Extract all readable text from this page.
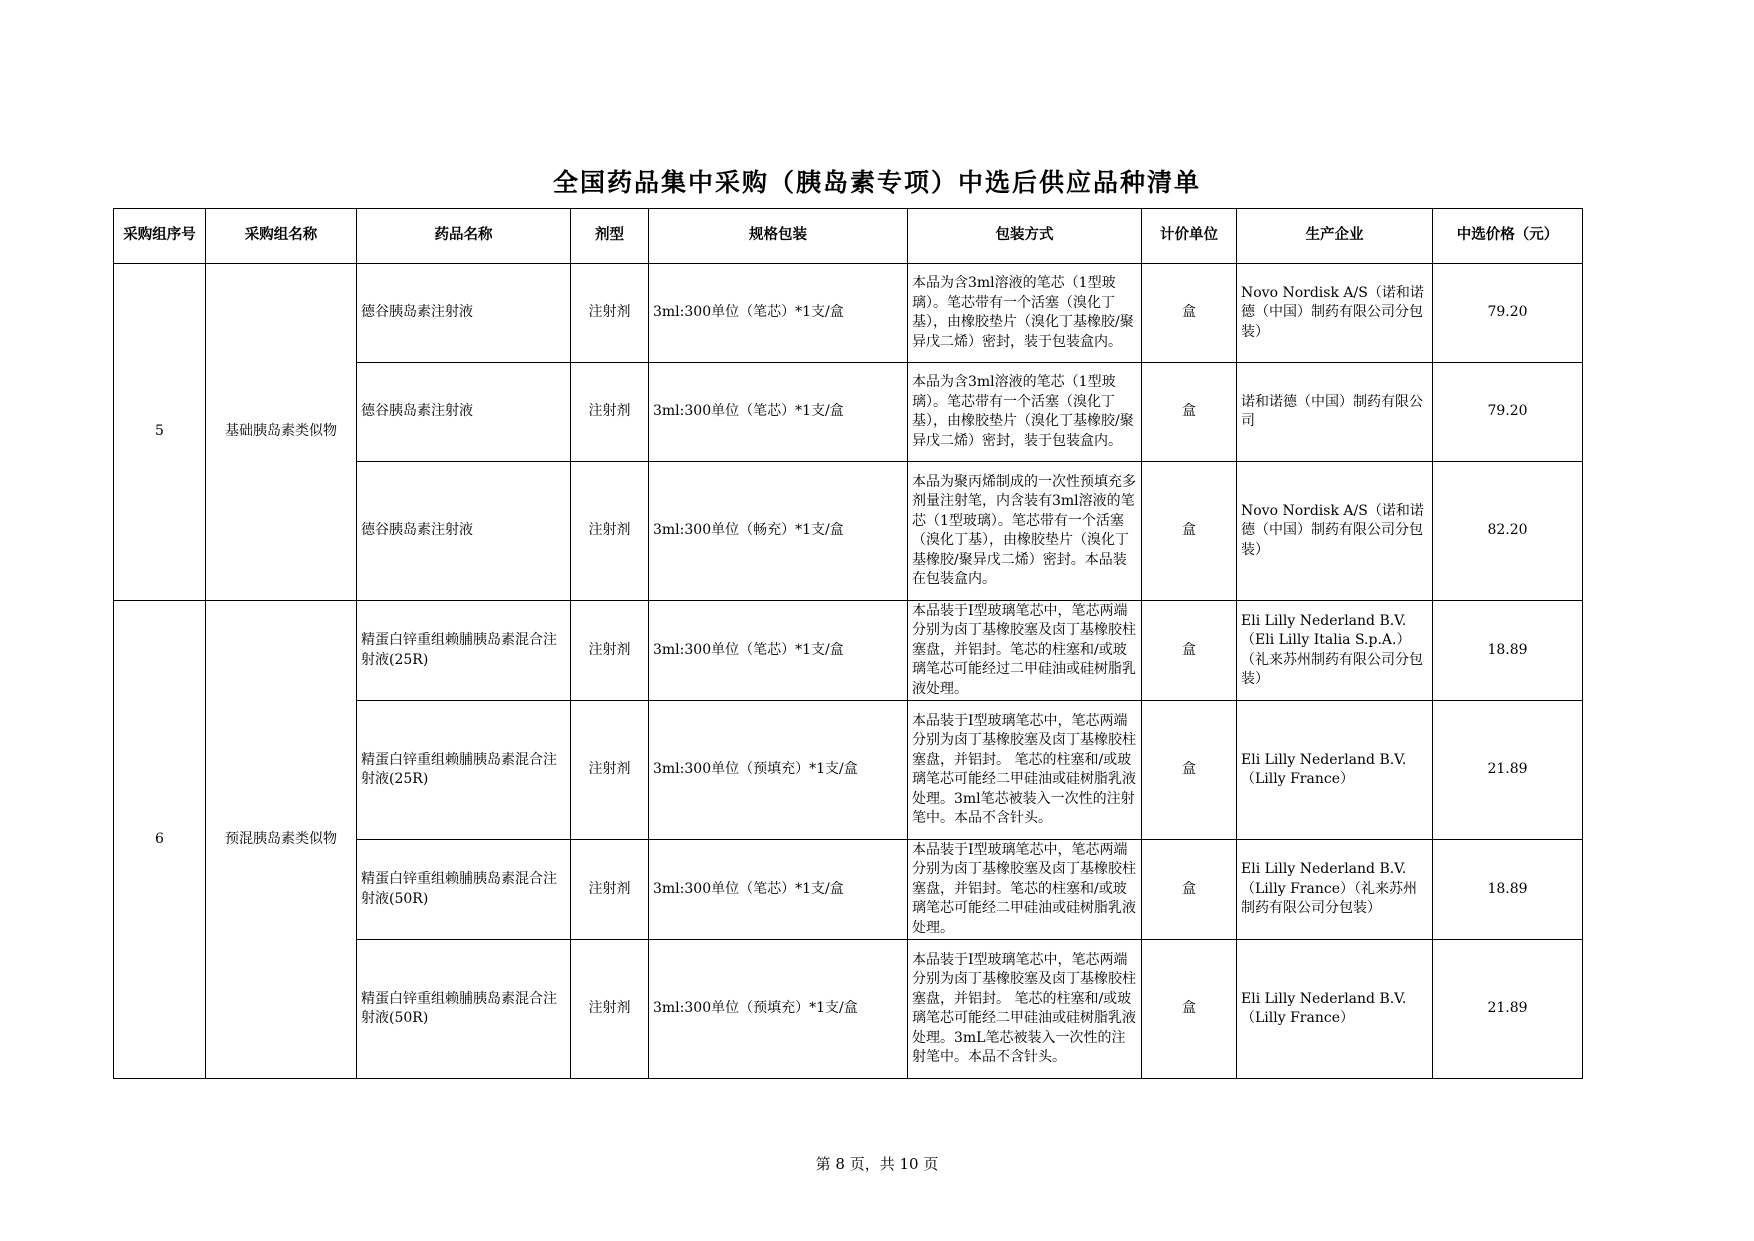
全国药品集中采购（胰岛素专项）中选后供应品种清单
采购组序号	采购组名称	药品名称	剂型	规格包装	包装方式	计价单位	生产企业	中选价格（元）
5	基础胰岛素类似物	德谷胰岛素注射液	注射剂	3ml:300单位（笔芯）*1支/盒	本品为含3ml溶液的笔芯（1型玻璃）。笔芯带有一个活塞（溴化丁基），由橡胶垫片（溴化丁基橡胶/聚异戊二烯）密封，装于包装盒内。	盒	Novo Nordisk A/S（诺和诺德（中国）制药有限公司分包装）	79.20
		德谷胰岛素注射液	注射剂	3ml:300单位（笔芯）*1支/盒	本品为含3ml溶液的笔芯（1型玻璃）。笔芯带有一个活塞（溴化丁基），由橡胶垫片（溴化丁基橡胶/聚异戊二烯）密封，装于包装盒内。	盒	诺和诺德（中国）制药有限公司	79.20
		德谷胰岛素注射液	注射剂	3ml:300单位（畅充）*1支/盒	本品为聚丙烯制成的一次性预填充多剂量注射笔，内含装有3ml溶液的笔芯（1型玻璃）。笔芯带有一个活塞（溴化丁基），由橡胶垫片（溴化丁基橡胶/聚异戊二烯）密封。本品装在包装盒内。	盒	Novo Nordisk A/S（诺和诺德（中国）制药有限公司分包装）	82.20
6	预混胰岛素类似物	精蛋白锌重组赖脯胰岛素混合注射液(25R)	注射剂	3ml:300单位（笔芯）*1支/盒	本品装于I型玻璃笔芯中，笔芯两端分别为卤丁基橡胶塞及卤丁基橡胶柱塞盘，并铝封。笔芯的柱塞和/或玻璃笔芯可能经过二甲硅油或硅树脂乳液处理。	盒	Eli Lilly Nederland B.V.（Eli Lilly Italia S.p.A.）（礼来苏州制药有限公司分包装）	18.89
		精蛋白锌重组赖脯胰岛素混合注射液(25R)	注射剂	3ml:300单位（预填充）*1支/盒	本品装于Ⅰ型玻璃笔芯中，笔芯两端分别为卤丁基橡胶塞及卤丁基橡胶柱塞盘，并铝封。 笔芯的柱塞和/或玻璃笔芯可能经二甲硅油或硅树脂乳液处理。3ml笔芯被装入一次性的注射笔中。本品不含针头。	盒	Eli Lilly Nederland B.V.（Lilly France）	21.89
		精蛋白锌重组赖脯胰岛素混合注射液(50R)	注射剂	3ml:300单位（笔芯）*1支/盒	本品装于Ⅰ型玻璃笔芯中，笔芯两端分别为卤丁基橡胶塞及卤丁基橡胶柱塞盘，并铝封。笔芯的柱塞和/或玻璃笔芯可能经二甲硅油或硅树脂乳液处理。	盒	Eli Lilly Nederland B.V.（Lilly France）（礼来苏州制药有限公司分包装）	18.89
		精蛋白锌重组赖脯胰岛素混合注射液(50R)	注射剂	3ml:300单位（预填充）*1支/盒	本品装于Ⅰ型玻璃笔芯中，笔芯两端分别为卤丁基橡胶塞及卤丁基橡胶柱塞盘，并铝封。 笔芯的柱塞和/或玻璃笔芯可能经二甲硅油或硅树脂乳液处理。3mL笔芯被装入一次性的注射笔中。本品不含针头。	盒	Eli Lilly Nederland B.V.（Lilly France）	21.89
第 8 页，共 10 页
